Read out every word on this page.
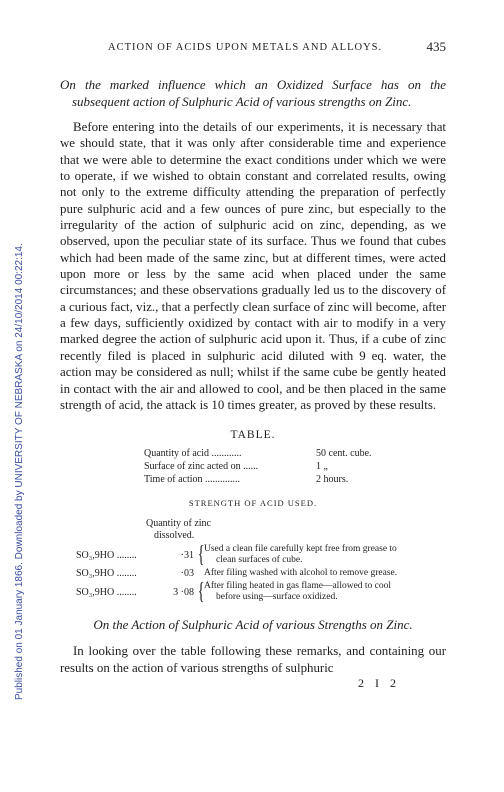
Published on 01 January 1866. Downloaded by UNIVERSITY OF NEBRASKA on 24/10/2014 00:22:14.
ACTION OF ACIDS UPON METALS AND ALLOYS.	435

On the marked influence which an Oxidized Surface has on the subsequent action of Sulphuric Acid of various strengths on Zinc.

Before entering into the details of our experiments, it is necessary that we should state, that it was only after considerable time and experience that we were able to determine the exact conditions under which we were to operate, if we wished to obtain constant and correlated results, owing not only to the extreme difficulty attending the preparation of perfectly pure sulphuric acid and a few ounces of pure zinc, but especially to the irregularity of the action of sulphuric acid on zinc, depending, as we observed, upon the peculiar state of its surface. Thus we found that cubes which had been made of the same zinc, but at different times, were acted upon more or less by the same acid when placed under the same circumstances; and these observations gradually led us to the discovery of a curious fact, viz., that a perfectly clean surface of zinc will become, after a few days, sufficiently oxidized by contact with air to modify in a very marked degree the action of sulphuric acid upon it. Thus, if a cube of zinc recently filed is placed in sulphuric acid diluted with 9 eq. water, the action may be considered as null; whilst if the same cube be gently heated in contact with the air and allowed to cool, and be then placed in the same strength of acid, the attack is 10 times greater, as proved by these results.

TABLE.
Quantity of acid ............	50 cent. cube.
Surface of zinc acted on ......	1 „
Time of action ..............	2 hours.
STRENGTH OF ACID USED.
Quantity of zinc
dissolved.
SO₃,9HO ........	·31 { Used a clean file carefully kept free from grease to
clean surfaces of cube.
SO₃,9HO ........	·03 After filing washed with alcohol to remove grease.
SO₃,9HO ........	3 ·08 { After filing heated in gas flame—allowed to cool
before using—surface oxidized.
On the Action of Sulphuric Acid of various Strengths on Zinc.

In looking over the table following these remarks, and containing our results on the action of various strengths of sulphuric

2 I 2
